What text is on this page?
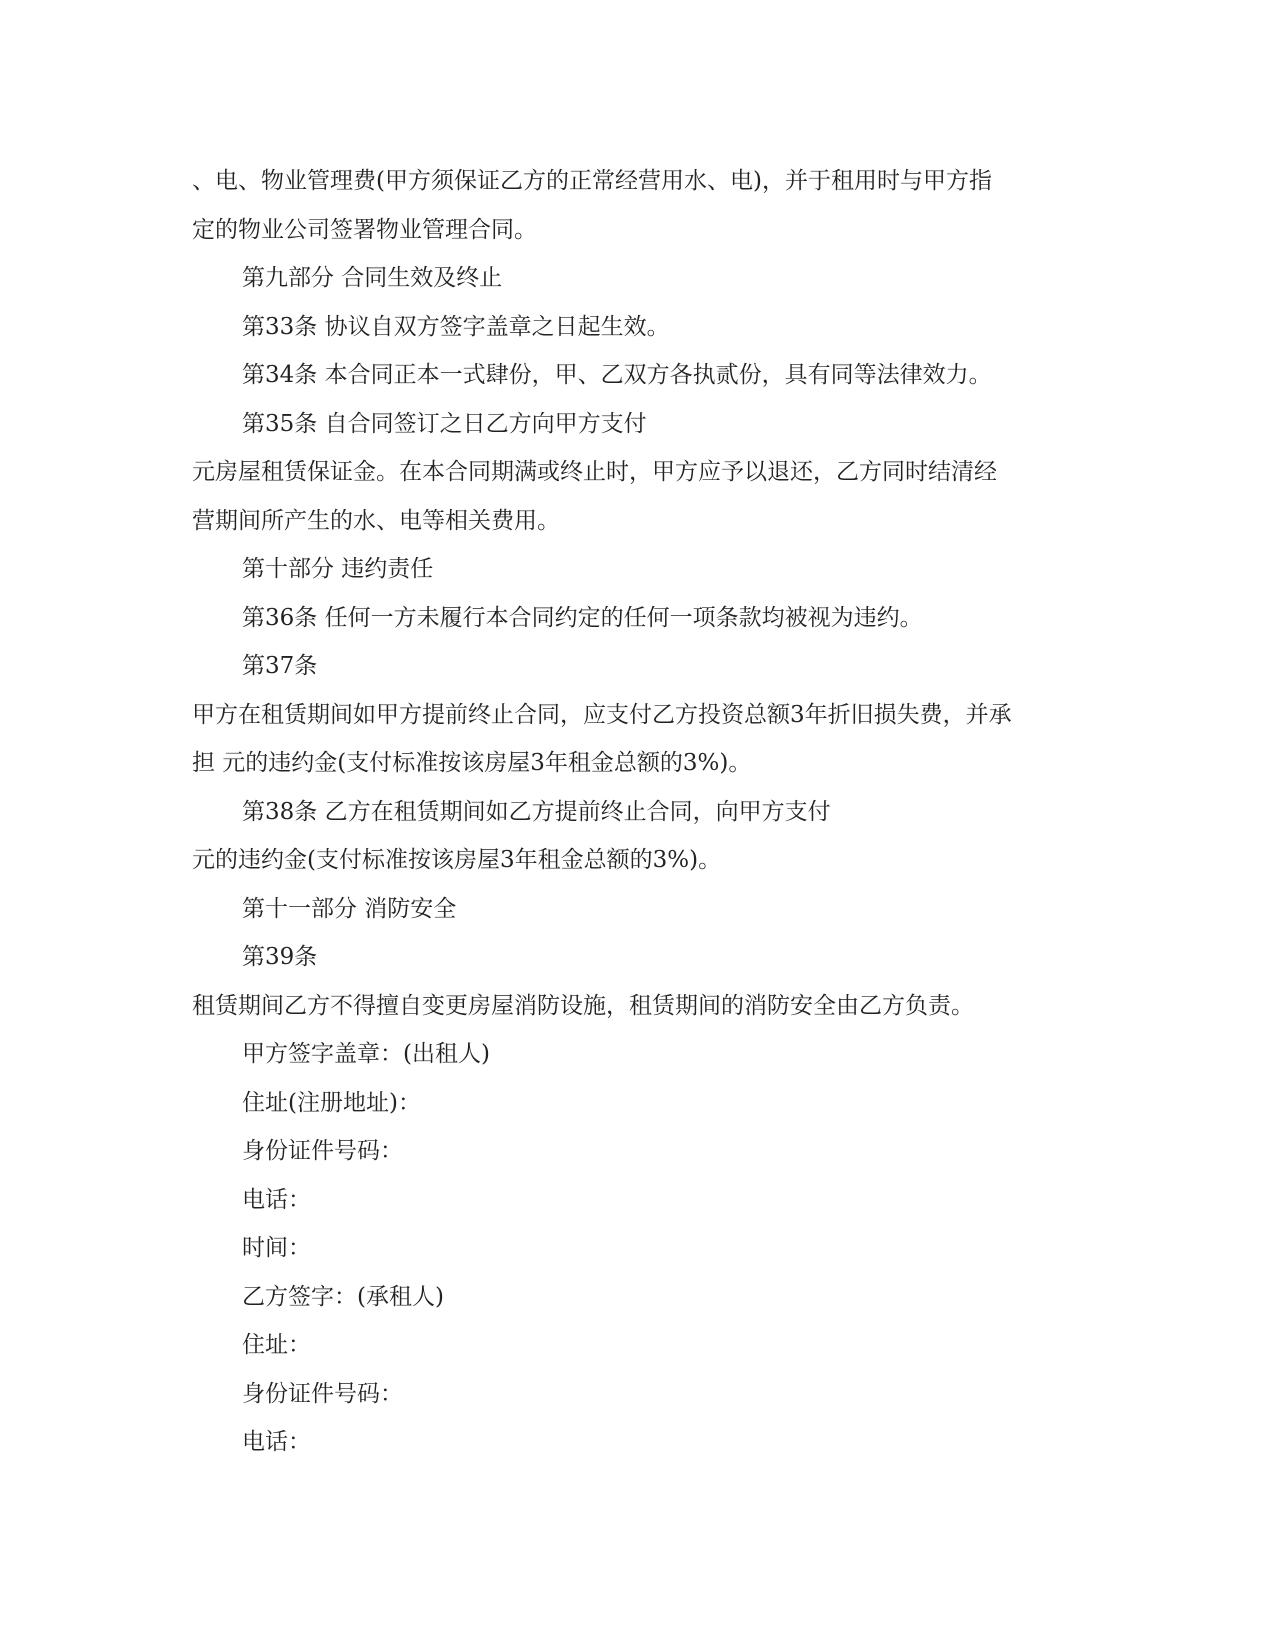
、电、物业管理费(甲方须保证乙方的正常经营用水、电)，并于租用时与甲方指
定的物业公司签署物业管理合同。
第九部分 合同生效及终止
第33条 协议自双方签字盖章之日起生效。
第34条 本合同正本一式肆份，甲、乙双方各执贰份，具有同等法律效力。
第35条 自合同签订之日乙方向甲方支付
元房屋租赁保证金。在本合同期满或终止时，甲方应予以退还，乙方同时结清经
营期间所产生的水、电等相关费用。
第十部分 违约责任
第36条 任何一方未履行本合同约定的任何一项条款均被视为违约。
第37条
甲方在租赁期间如甲方提前终止合同，应支付乙方投资总额3年折旧损失费，并承
担 元的违约金(支付标准按该房屋3年租金总额的3%)。
第38条 乙方在租赁期间如乙方提前终止合同，向甲方支付
元的违约金(支付标准按该房屋3年租金总额的3%)。
第十一部分 消防安全
第39条
租赁期间乙方不得擅自变更房屋消防设施，租赁期间的消防安全由乙方负责。
甲方签字盖章：(出租人)
住址(注册地址)：
身份证件号码：
电话：
时间：
乙方签字：(承租人)
住址：
身份证件号码：
电话：
